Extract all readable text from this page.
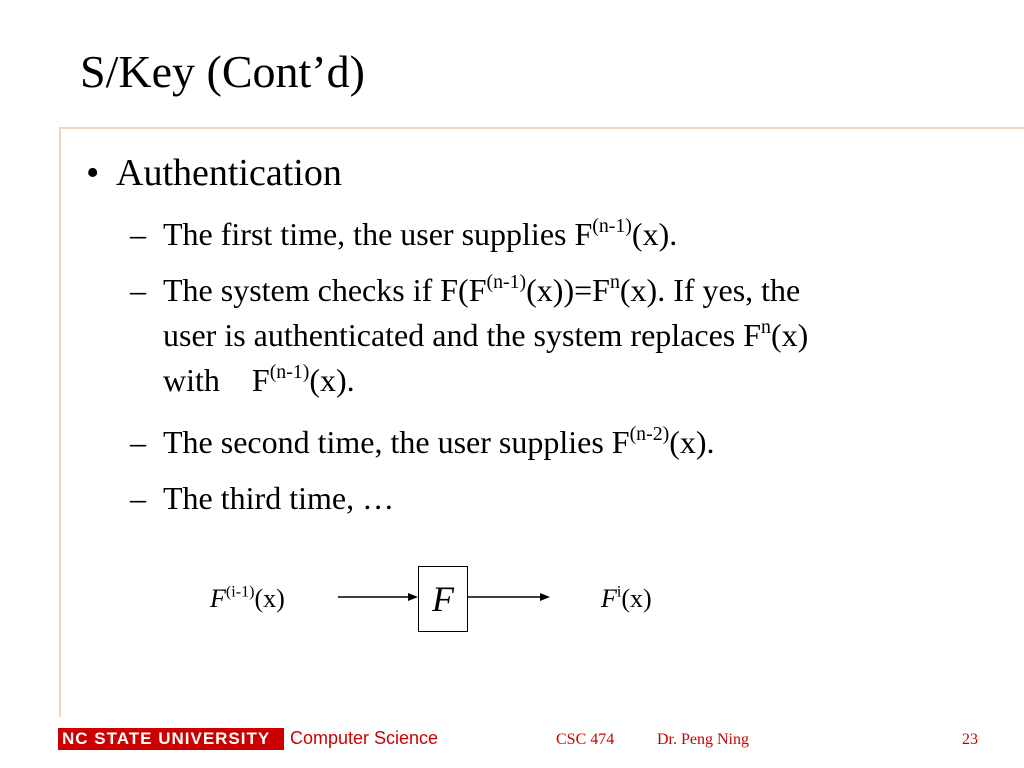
S/Key (Cont’d)
• Authentication
– The first time, the user supplies $F^{(n-1)}(x)$.
– The system checks if $F(F^{(n-1)}(x))=F^n(x)$. If yes, the
user is authenticated and the system replaces $F^n(x)$
with    $F^{(n-1)}(x)$.
– The second time, the user supplies $F^{(n-2)}(x)$.
– The third time, …
$F^{(i-1)}(x)$	F	$F^i(x)$
NC STATE UNIVERSITY Computer Science	CSC 474	Dr. Peng Ning	23
